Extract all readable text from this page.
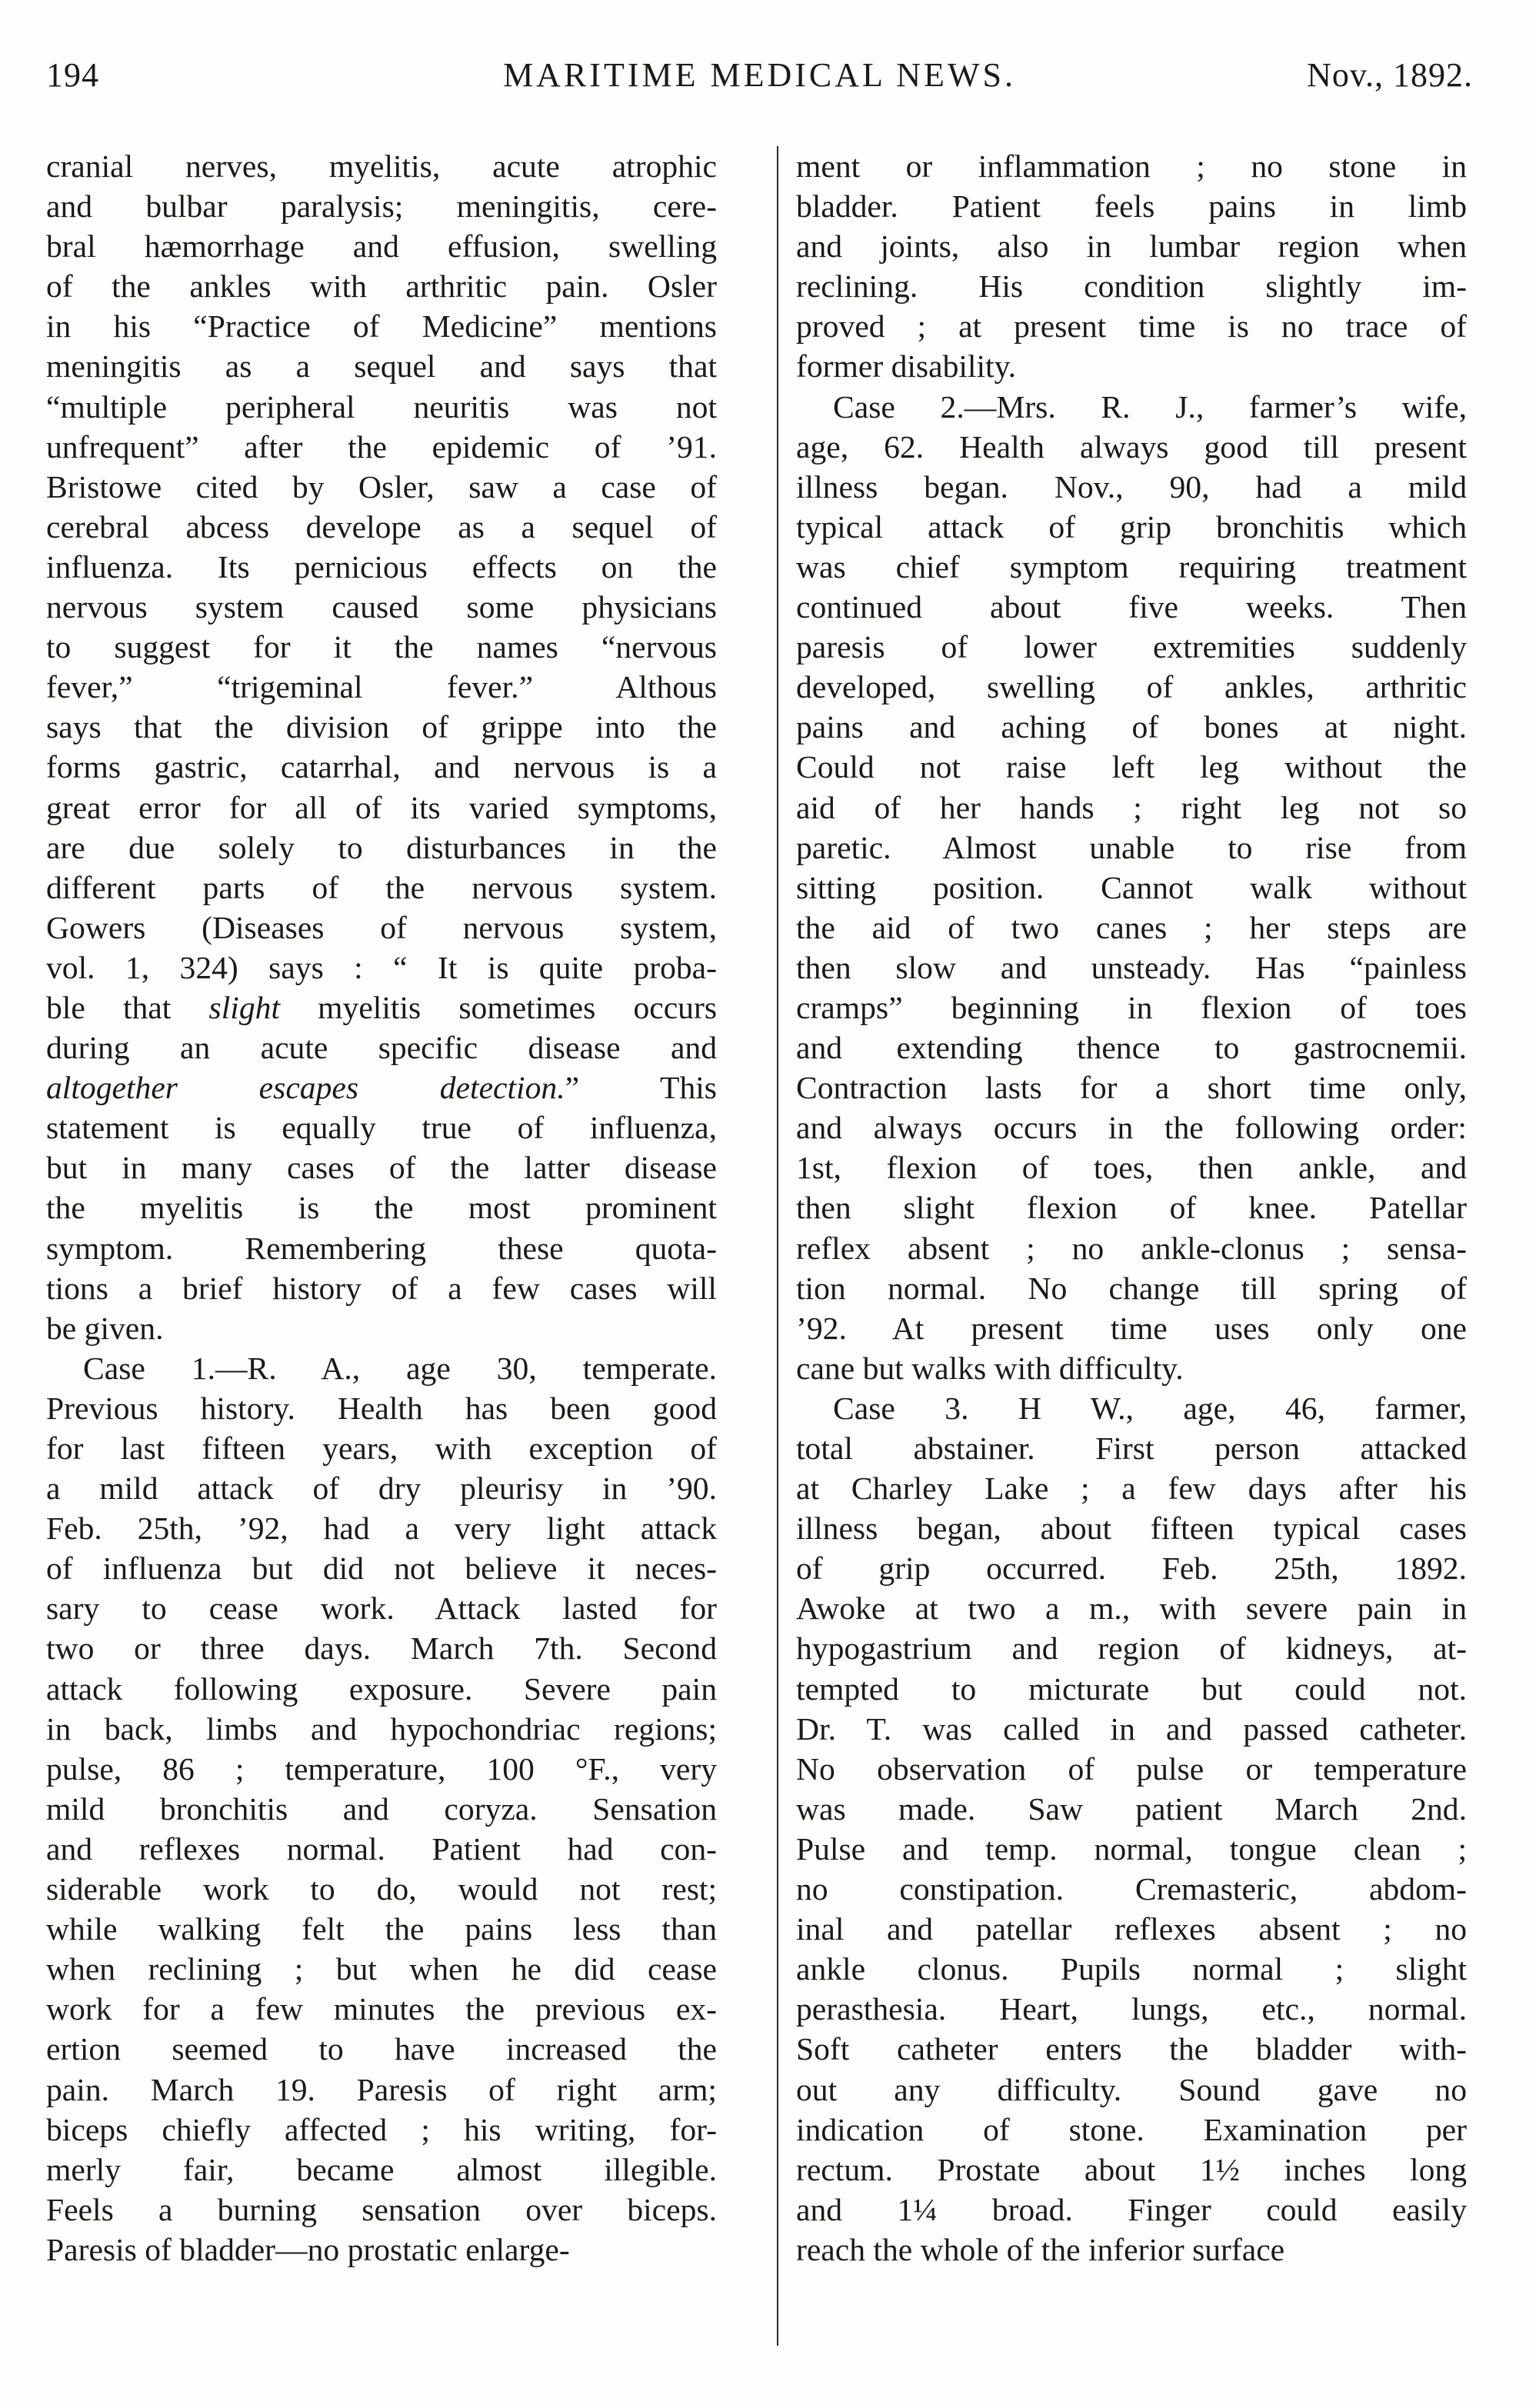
194	MARITIME MEDICAL NEWS.	Nov., 1892.
cranial nerves, myelitis, acute atrophic
and bulbar paralysis; meningitis, cere-
bral hæmorrhage and effusion, swelling
of the ankles with arthritic pain. Osler
in his “Practice of Medicine” mentions
meningitis as a sequel and says that
“multiple peripheral neuritis was not
unfrequent” after the epidemic of ’91.
Bristowe cited by Osler, saw a case of
cerebral abcess develope as a sequel of
influenza. Its pernicious effects on the
nervous system caused some physicians
to suggest for it the names “nervous
fever,” “trigeminal fever.” Althous
says that the division of grippe into the
forms gastric, catarrhal, and nervous is a
great error for all of its varied symptoms,
are due solely to disturbances in the
different parts of the nervous system.
Gowers (Diseases of nervous system,
vol. 1, 324) says : “ It is quite proba-
ble that slight myelitis sometimes occurs
during an acute specific disease and
altogether escapes detection.” This
statement is equally true of influenza,
but in many cases of the latter disease
the myelitis is the most prominent
symptom. Remembering these quota-
tions a brief history of a few cases will
be given.
Case 1.—R. A., age 30, temperate.
Previous history. Health has been good
for last fifteen years, with exception of
a mild attack of dry pleurisy in ’90.
Feb. 25th, ’92, had a very light attack
of influenza but did not believe it neces-
sary to cease work. Attack lasted for
two or three days. March 7th. Second
attack following exposure. Severe pain
in back, limbs and hypochondriac regions;
pulse, 86 ; temperature, 100 °F., very
mild bronchitis and coryza. Sensation
and reflexes normal. Patient had con-
siderable work to do, would not rest;
while walking felt the pains less than
when reclining ; but when he did cease
work for a few minutes the previous ex-
ertion seemed to have increased the
pain. March 19. Paresis of right arm;
biceps chiefly affected ; his writing, for-
merly fair, became almost illegible.
Feels a burning sensation over biceps.
Paresis of bladder—no prostatic enlarge-
ment or inflammation ; no stone in
bladder. Patient feels pains in limb
and joints, also in lumbar region when
reclining. His condition slightly im-
proved ; at present time is no trace of
former disability.
Case 2.—Mrs. R. J., farmer’s wife,
age, 62. Health always good till present
illness began. Nov., 90, had a mild
typical attack of grip bronchitis which
was chief symptom requiring treatment
continued about five weeks. Then
paresis of lower extremities suddenly
developed, swelling of ankles, arthritic
pains and aching of bones at night.
Could not raise left leg without the
aid of her hands ; right leg not so
paretic. Almost unable to rise from
sitting position. Cannot walk without
the aid of two canes ; her steps are
then slow and unsteady. Has “painless
cramps” beginning in flexion of toes
and extending thence to gastrocnemii.
Contraction lasts for a short time only,
and always occurs in the following order:
1st, flexion of toes, then ankle, and
then slight flexion of knee. Patellar
reflex absent ; no ankle-clonus ; sensa-
tion normal. No change till spring of
’92. At present time uses only one
cane but walks with difficulty.
Case 3. H W., age, 46, farmer,
total abstainer. First person attacked
at Charley Lake ; a few days after his
illness began, about fifteen typical cases
of grip occurred. Feb. 25th, 1892.
Awoke at two a m., with severe pain in
hypogastrium and region of kidneys, at-
tempted to micturate but could not.
Dr. T. was called in and passed catheter.
No observation of pulse or temperature
was made. Saw patient March 2nd.
Pulse and temp. normal, tongue clean ;
no constipation. Cremasteric, abdom-
inal and patellar reflexes absent ; no
ankle clonus. Pupils normal ; slight
perasthesia. Heart, lungs, etc., normal.
Soft catheter enters the bladder with-
out any difficulty. Sound gave no
indication of stone. Examination per
rectum. Prostate about 1½ inches long
and 1¼ broad. Finger could easily
reach the whole of the inferior surface
